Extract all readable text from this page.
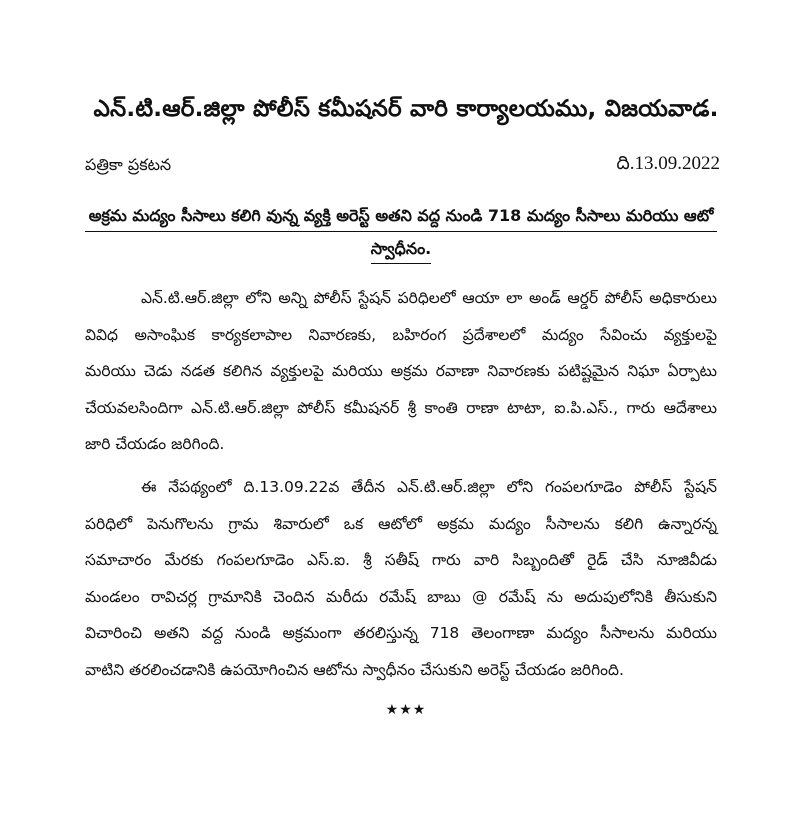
ఎన్.టి.ఆర్.జిల్లా పోలీస్ కమీషనర్ వారి కార్యాలయము, విజయవాడ.
పత్రికా ప్రకటన	ది.13.09.2022
అక్రమ మద్యం సీసాలు కలిగి వున్న వ్యక్తి అరెస్ట్ అతని వద్ద నుండి 718 మద్యం సీసాలు మరియు ఆటో
స్వాధీనం.
ఎన్.టి.ఆర్.జిల్లా లోని అన్ని పోలీస్ స్టేషన్ పరిధిలలో ఆయా లా అండ్ ఆర్డర్ పోలీస్ అధికారులు
వివిధ అసాంఘిక కార్యకలాపాల నివారణకు, బహిరంగ ప్రదేశాలలో మద్యం సేవించు వ్యక్తులపై
మరియు చెడు నడత కలిగిన వ్యక్తులపై మరియు అక్రమ రవాణా నివారణకు పటిష్టమైన నిఘా ఏర్పాటు
చేయవలసిందిగా ఎన్.టి.ఆర్.జిల్లా పోలీస్ కమీషనర్ శ్రీ కాంతి రాణా టాటా, ఐ.పి.ఎస్., గారు ఆదేశాలు
జారి చేయడం జరిగింది.
ఈ నేపథ్యంలో ది.13.09.22వ తేదీన ఎన్.టి.ఆర్.జిల్లా లోని గంపలగూడెం పోలీస్ స్టేషన్
పరిధిలో పెనుగొలను గ్రామ శివారులో ఒక ఆటోలో అక్రమ మద్యం సీసాలను కలిగి ఉన్నారన్న
సమాచారం మేరకు గంపలగూడెం ఎస్.ఐ. శ్రీ సతీష్ గారు వారి సిబ్బందితో రైడ్ చేసి నూజివీడు
మండలం రావిచర్ల గ్రామానికి చెందిన మరీదు రమేష్ బాబు @ రమేష్ ను అదుపులోనికి తీసుకుని
విచారించి అతని వద్ద నుండి అక్రమంగా తరలిస్తున్న 718 తెలంగాణా మద్యం సీసాలను మరియు
వాటిని తరలించడానికి ఉపయోగించిన ఆటోను స్వాధీనం చేసుకుని అరెస్ట్ చేయడం జరిగింది.
★★★
